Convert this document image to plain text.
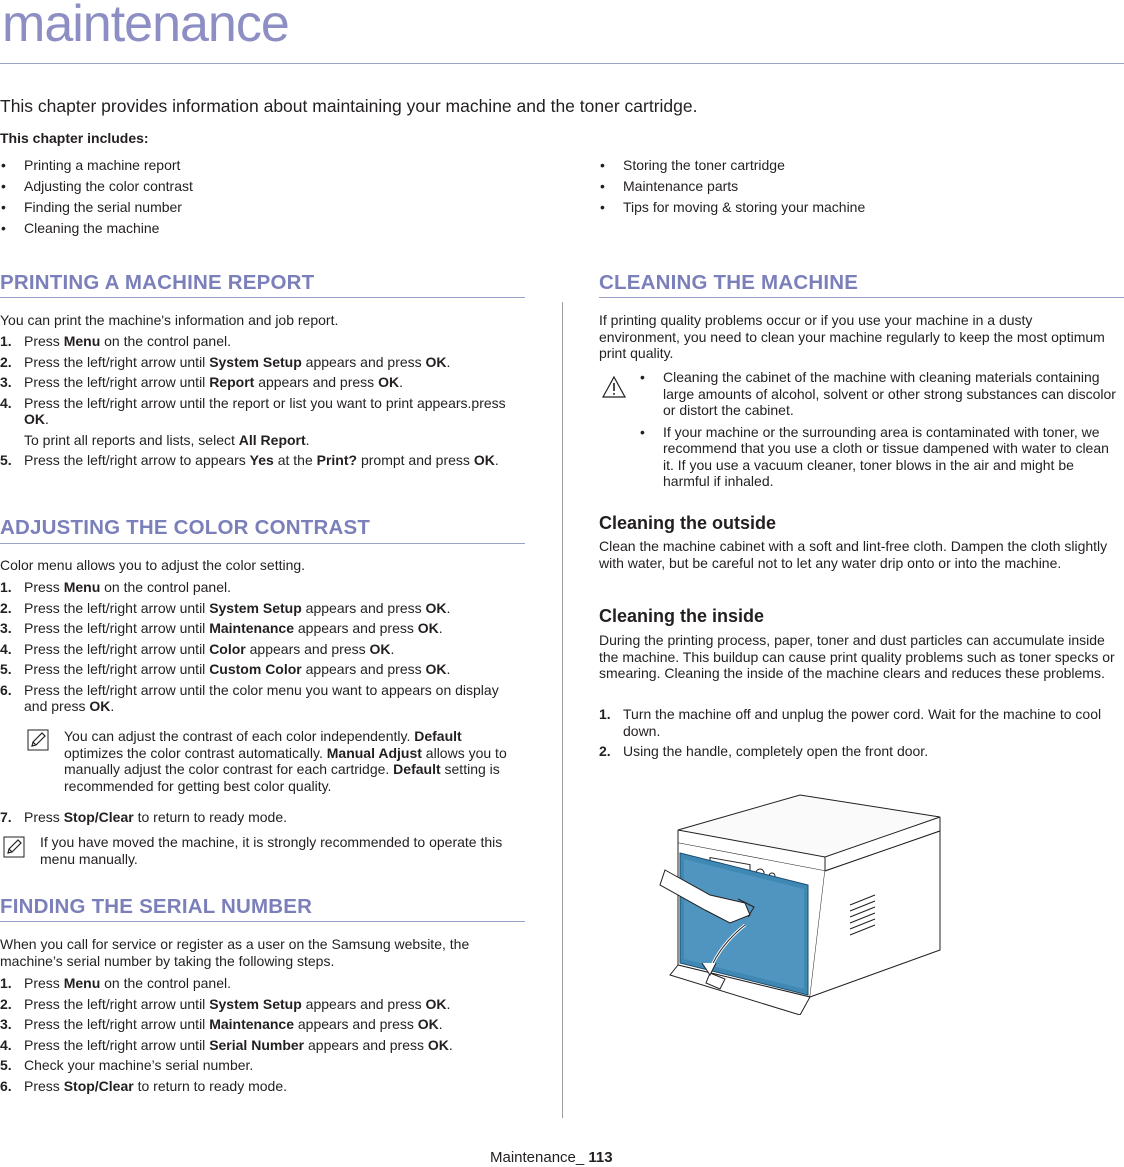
maintenance
This chapter provides information about maintaining your machine and the toner cartridge.
This chapter includes:
• Printing a machine report
• Adjusting the color contrast
• Finding the serial number
• Cleaning the machine
• Storing the toner cartridge
• Maintenance parts
• Tips for moving & storing your machine
PRINTING A MACHINE REPORT
You can print the machine's information and job report.
1. Press Menu on the control panel.
2. Press the left/right arrow until System Setup appears and press OK.
3. Press the left/right arrow until Report appears and press OK.
4. Press the left/right arrow until the report or list you want to print appears.press OK.
To print all reports and lists, select All Report.
5. Press the left/right arrow to appears Yes at the Print? prompt and press OK.
ADJUSTING THE COLOR CONTRAST
Color menu allows you to adjust the color setting.
1. Press Menu on the control panel.
2. Press the left/right arrow until System Setup appears and press OK.
3. Press the left/right arrow until Maintenance appears and press OK.
4. Press the left/right arrow until Color appears and press OK.
5. Press the left/right arrow until Custom Color appears and press OK.
6. Press the left/right arrow until the color menu you want to appears on display and press OK.
You can adjust the contrast of each color independently. Default optimizes the color contrast automatically. Manual Adjust allows you to manually adjust the color contrast for each cartridge. Default setting is recommended for getting best color quality.
7. Press Stop/Clear to return to ready mode.
If you have moved the machine, it is strongly recommended to operate this menu manually.
FINDING THE SERIAL NUMBER
When you call for service or register as a user on the Samsung website, the machine’s serial number by taking the following steps.
1. Press Menu on the control panel.
2. Press the left/right arrow until System Setup appears and press OK.
3. Press the left/right arrow until Maintenance appears and press OK.
4. Press the left/right arrow until Serial Number appears and press OK.
5. Check your machine’s serial number.
6. Press Stop/Clear to return to ready mode.
CLEANING THE MACHINE
If printing quality problems occur or if you use your machine in a dusty environment, you need to clean your machine regularly to keep the most optimum print quality.
• Cleaning the cabinet of the machine with cleaning materials containing large amounts of alcohol, solvent or other strong substances can discolor or distort the cabinet.
• If your machine or the surrounding area is contaminated with toner, we recommend that you use a cloth or tissue dampened with water to clean it. If you use a vacuum cleaner, toner blows in the air and might be harmful if inhaled.
Cleaning the outside
Clean the machine cabinet with a soft and lint-free cloth. Dampen the cloth slightly with water, but be careful not to let any water drip onto or into the machine.
Cleaning the inside
During the printing process, paper, toner and dust particles can accumulate inside the machine. This buildup can cause print quality problems such as toner specks or smearing. Cleaning the inside of the machine clears and reduces these problems.
1. Turn the machine off and unplug the power cord. Wait for the machine to cool down.
2. Using the handle, completely open the front door.
Maintenance_ 113
